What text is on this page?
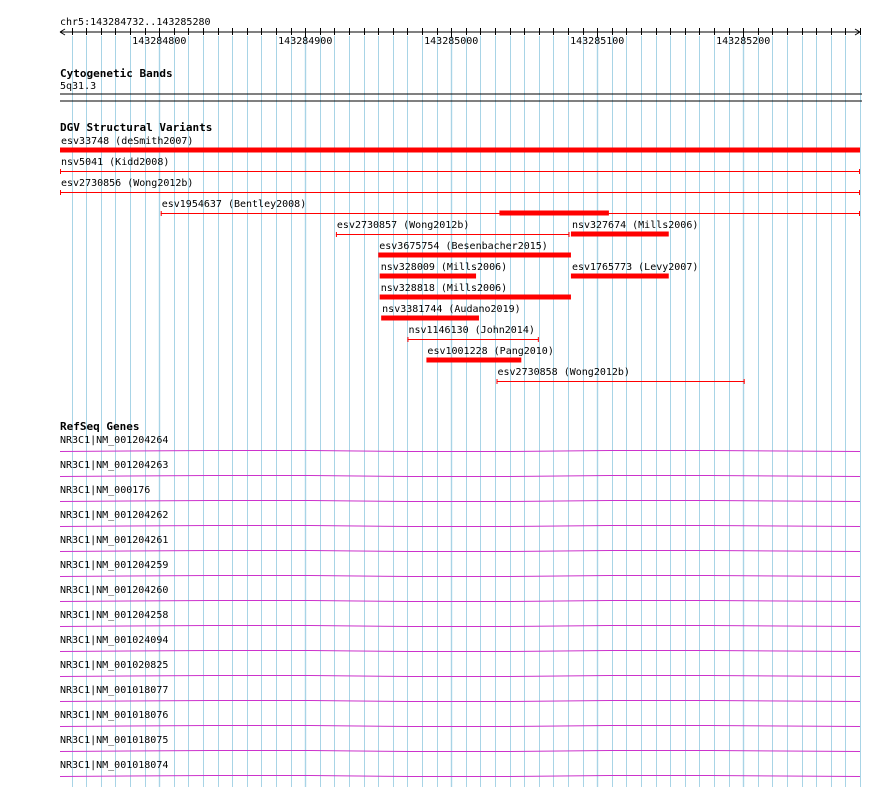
chr5:143284732..143285280
143284800	143284900	143285000	143285100	143285200
Cytogenetic Bands
5q31.3
DGV Structural Variants
esv33748 (deSmith2007)
nsv5041 (Kidd2008)
esv2730856 (Wong2012b)
esv1954637 (Bentley2008)
esv2730857 (Wong2012b)	nsv327674 (Mills2006)
esv3675754 (Besenbacher2015)
nsv328009 (Mills2006)	esv1765773 (Levy2007)
nsv328818 (Mills2006)
nsv3381744 (Audano2019)
nsv1146130 (John2014)
esv1001228 (Pang2010)
esv2730858 (Wong2012b)
RefSeq Genes
NR3C1|NM_001204264
NR3C1|NM_001204263
NR3C1|NM_000176
NR3C1|NM_001204262
NR3C1|NM_001204261
NR3C1|NM_001204259
NR3C1|NM_001204260
NR3C1|NM_001204258
NR3C1|NM_001024094
NR3C1|NM_001020825
NR3C1|NM_001018077
NR3C1|NM_001018076
NR3C1|NM_001018075
NR3C1|NM_001018074
